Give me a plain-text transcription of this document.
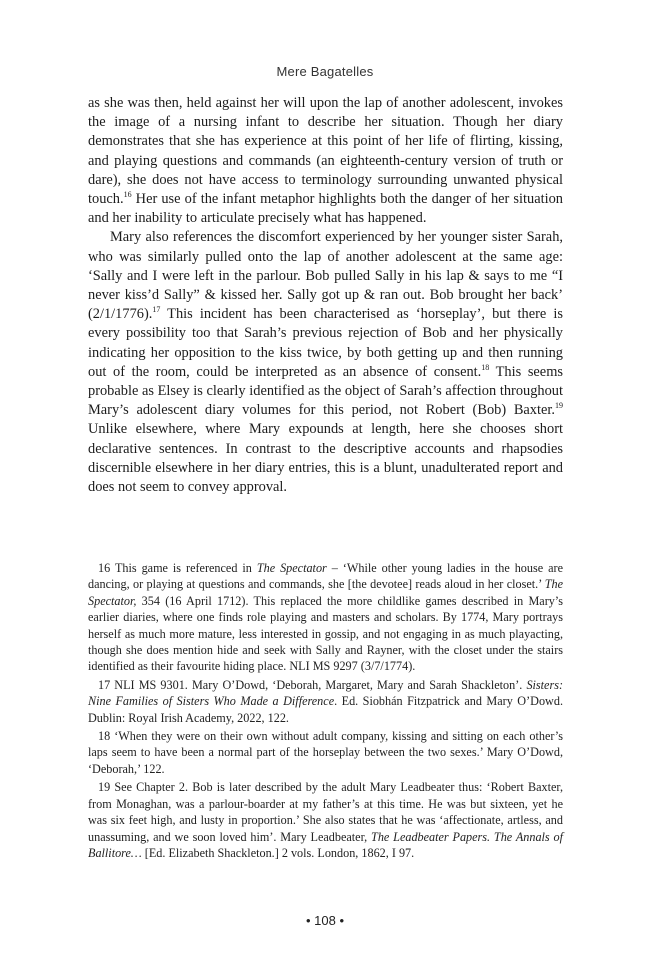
Mere Bagatelles

as she was then, held against her will upon the lap of another adolescent, invokes the image of a nursing infant to describe her situation. Though her diary demonstrates that she has experience at this point of her life of flirting, kissing, and playing questions and commands (an eighteenth-century version of truth or dare), she does not have access to terminology surrounding unwanted physical touch.$^{16}$ Her use of the infant metaphor highlights both the danger of her situation and her inability to articulate precisely what has happened.

Mary also references the discomfort experienced by her younger sister Sarah, who was similarly pulled onto the lap of another adolescent at the same age: ‘Sally and I were left in the parlour. Bob pulled Sally in his lap & says to me “I never kiss’d Sally” & kissed her. Sally got up & ran out. Bob brought her back’ (2/1/1776).$^{17}$ This incident has been characterised as ‘horseplay’, but there is every possibility too that Sarah’s previous rejection of Bob and her physically indicating her opposition to the kiss twice, by both getting up and then running out of the room, could be interpreted as an absence of consent.$^{18}$ This seems probable as Elsey is clearly identified as the object of Sarah’s affection throughout Mary’s adolescent diary volumes for this period, not Robert (Bob) Baxter.$^{19}$ Unlike elsewhere, where Mary expounds at length, here she chooses short declarative sentences. In contrast to the descriptive accounts and rhapsodies discernible elsewhere in her diary entries, this is a blunt, unadulterated report and does not seem to convey approval.

16 This game is referenced in The Spectator – ‘While other young ladies in the house are dancing, or playing at questions and commands, she [the devotee] reads aloud in her closet.’ The Spectator, 354 (16 April 1712). This replaced the more childlike games described in Mary’s earlier diaries, where one finds role playing and masters and scholars. By 1774, Mary portrays herself as much more mature, less interested in gossip, and not engaging in as much playacting, though she does mention hide and seek with Sally and Rayner, with the closet under the stairs identified as their favourite hiding place. NLI MS 9297 (3/7/1774).

17 NLI MS 9301. Mary O’Dowd, ‘Deborah, Margaret, Mary and Sarah Shackleton’. Sisters: Nine Families of Sisters Who Made a Difference. Ed. Siobhán Fitzpatrick and Mary O’Dowd. Dublin: Royal Irish Academy, 2022, 122.

18 ‘When they were on their own without adult company, kissing and sitting on each other’s laps seem to have been a normal part of the horseplay between the two sexes.’ Mary O’Dowd, ‘Deborah,’ 122.

19 See Chapter 2. Bob is later described by the adult Mary Leadbeater thus: ‘Robert Baxter, from Monaghan, was a parlour-boarder at my father’s at this time. He was but sixteen, yet he was six feet high, and lusty in proportion.’ She also states that he was ‘affectionate, artless, and unassuming, and we soon loved him’. Mary Leadbeater, The Leadbeater Papers. The Annals of Ballitore… [Ed. Elizabeth Shackleton.] 2 vols. London, 1862, I 97.

• 108 •
